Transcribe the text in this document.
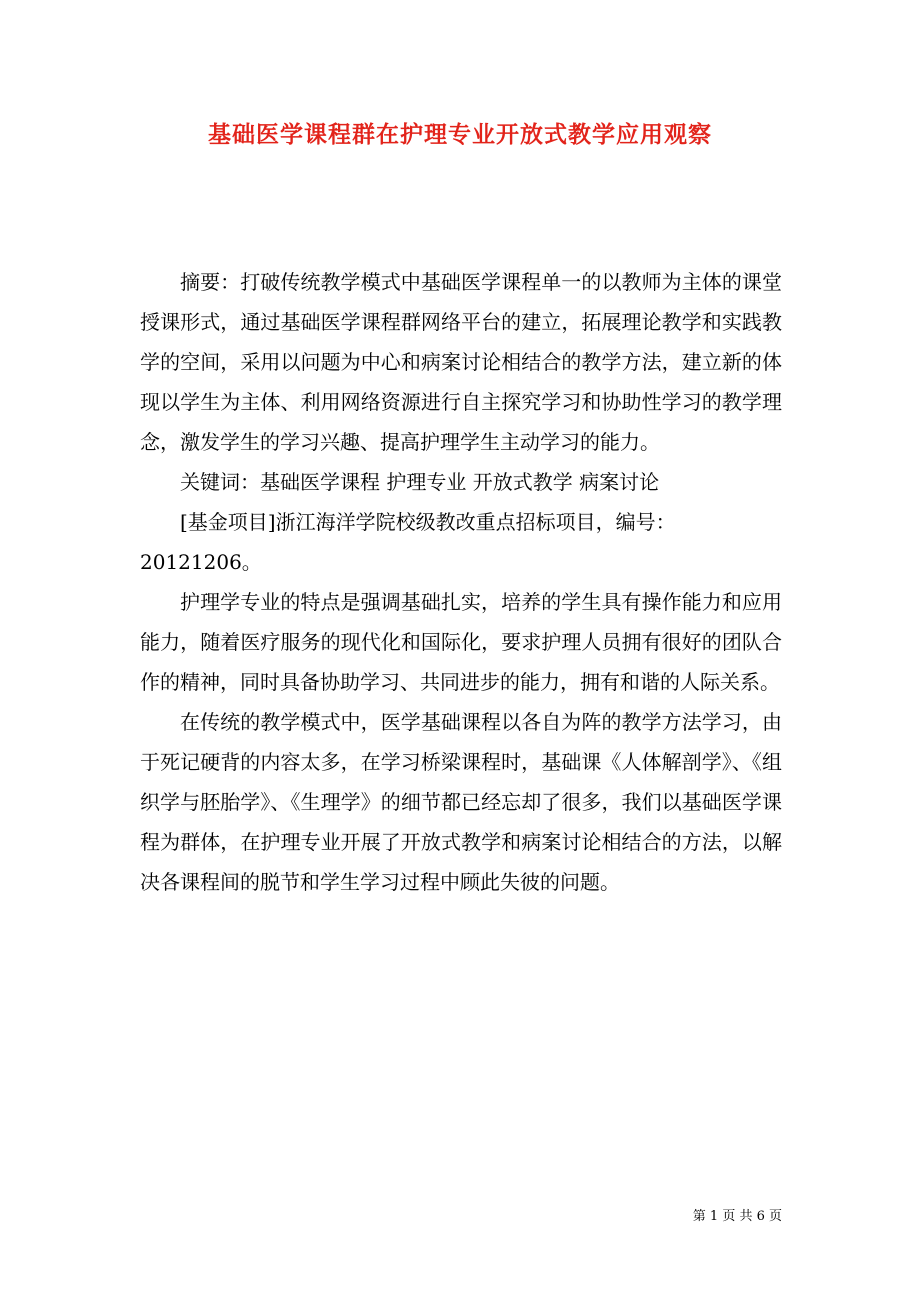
基础医学课程群在护理专业开放式教学应用观察

摘要：打破传统教学模式中基础医学课程单一的以教师为主体的课堂授课形式，通过基础医学课程群网络平台的建立，拓展理论教学和实践教学的空间，采用以问题为中心和病案讨论相结合的教学方法，建立新的体现以学生为主体、利用网络资源进行自主探究学习和协助性学习的教学理念，激发学生的学习兴趣、提高护理学生主动学习的能力。

关键词：基础医学课程 护理专业 开放式教学 病案讨论

[基金项目]浙江海洋学院校级教改重点招标项目，编号：

20121206。

护理学专业的特点是强调基础扎实，培养的学生具有操作能力和应用能力，随着医疗服务的现代化和国际化，要求护理人员拥有很好的团队合作的精神，同时具备协助学习、共同进步的能力，拥有和谐的人际关系。

在传统的教学模式中，医学基础课程以各自为阵的教学方法学习，由于死记硬背的内容太多，在学习桥梁课程时，基础课《人体解剖学》、《组织学与胚胎学》、《生理学》的细节都已经忘却了很多，我们以基础医学课程为群体，在护理专业开展了开放式教学和病案讨论相结合的方法，以解决各课程间的脱节和学生学习过程中顾此失彼的问题。

第 1 页 共 6 页
